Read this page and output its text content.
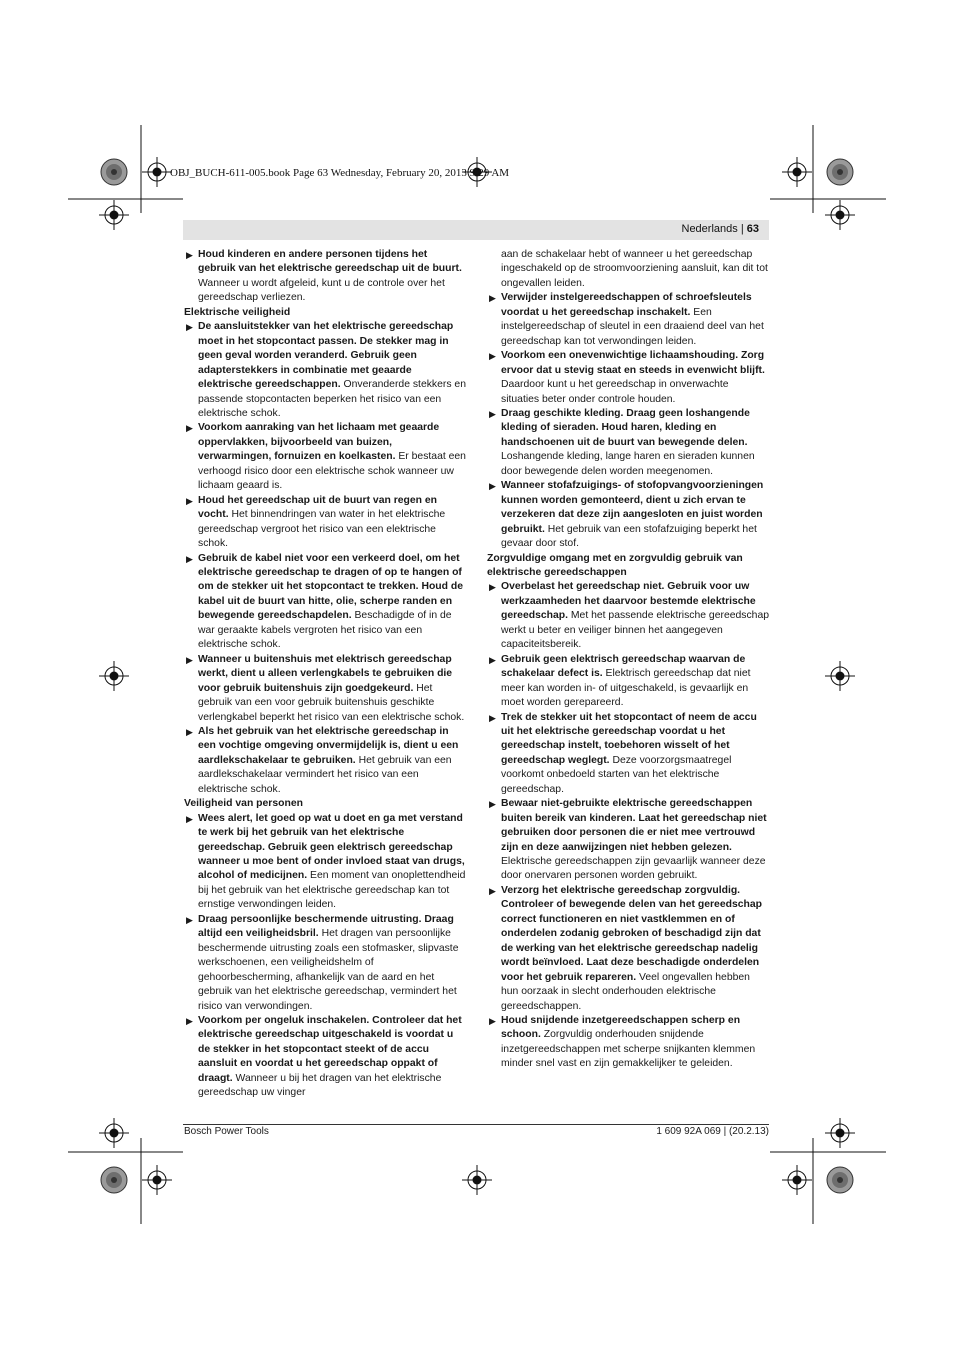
OBJ_BUCH-611-005.book Page 63 Wednesday, February 20, 2013 9:29 AM
Nederlands | 63

▶ Houd kinderen en andere personen tijdens het gebruik van het elektrische gereedschap uit de buurt. Wanneer u wordt afgeleid, kunt u de controle over het gereedschap verliezen.

Elektrische veiligheid

▶ De aansluitstekker van het elektrische gereedschap moet in het stopcontact passen. De stekker mag in geen geval worden veranderd. Gebruik geen adapterstekkers in combinatie met geaarde elektrische gereedschappen. Onveranderde stekkers en passende stopcontacten beperken het risico van een elektrische schok.

▶ Voorkom aanraking van het lichaam met geaarde oppervlakken, bijvoorbeeld van buizen, verwarmingen, fornuizen en koelkasten. Er bestaat een verhoogd risico door een elektrische schok wanneer uw lichaam geaard is.

▶ Houd het gereedschap uit de buurt van regen en vocht. Het binnendringen van water in het elektrische gereedschap vergroot het risico van een elektrische schok.

▶ Gebruik de kabel niet voor een verkeerd doel, om het elektrische gereedschap te dragen of op te hangen of om de stekker uit het stopcontact te trekken. Houd de kabel uit de buurt van hitte, olie, scherpe randen en bewegende gereedschapdelen. Beschadigde of in de war geraakte kabels vergroten het risico van een elektrische schok.

▶ Wanneer u buitenshuis met elektrisch gereedschap werkt, dient u alleen verlengkabels te gebruiken die voor gebruik buitenshuis zijn goedgekeurd. Het gebruik van een voor gebruik buitenshuis geschikte verlengkabel beperkt het risico van een elektrische schok.

▶ Als het gebruik van het elektrische gereedschap in een vochtige omgeving onvermijdelijk is, dient u een aardlekschakelaar te gebruiken. Het gebruik van een aardlekschakelaar vermindert het risico van een elektrische schok.

Veiligheid van personen

▶ Wees alert, let goed op wat u doet en ga met verstand te werk bij het gebruik van het elektrische gereedschap. Gebruik geen elektrisch gereedschap wanneer u moe bent of onder invloed staat van drugs, alcohol of medicijnen. Een moment van onoplettendheid bij het gebruik van het elektrische gereedschap kan tot ernstige verwondingen leiden.

▶ Draag persoonlijke beschermende uitrusting. Draag altijd een veiligheidsbril. Het dragen van persoonlijke beschermende uitrusting zoals een stofmasker, slipvaste werkschoenen, een veiligheidshelm of gehoorbescherming, afhankelijk van de aard en het gebruik van het elektrische gereedschap, vermindert het risico van verwondingen.

▶ Voorkom per ongeluk inschakelen. Controleer dat het elektrische gereedschap uitgeschakeld is voordat u de stekker in het stopcontact steekt of de accu aansluit en voordat u het gereedschap oppakt of draagt. Wanneer u bij het dragen van het elektrische gereedschap uw vinger

aan de schakelaar hebt of wanneer u het gereedschap ingeschakeld op de stroomvoorziening aansluit, kan dit tot ongevallen leiden.

▶ Verwijder instelgereedschappen of schroefsleutels voordat u het gereedschap inschakelt. Een instelgereedschap of sleutel in een draaiend deel van het gereedschap kan tot verwondingen leiden.

▶ Voorkom een onevenwichtige lichaamshouding. Zorg ervoor dat u stevig staat en steeds in evenwicht blijft. Daardoor kunt u het gereedschap in onverwachte situaties beter onder controle houden.

▶ Draag geschikte kleding. Draag geen loshangende kleding of sieraden. Houd haren, kleding en handschoenen uit de buurt van bewegende delen. Loshangende kleding, lange haren en sieraden kunnen door bewegende delen worden meegenomen.

▶ Wanneer stofafzuigings- of stofopvangvoorzieningen kunnen worden gemonteerd, dient u zich ervan te verzekeren dat deze zijn aangesloten en juist worden gebruikt. Het gebruik van een stofafzuiging beperkt het gevaar door stof.

Zorgvuldige omgang met en zorgvuldig gebruik van elektrische gereedschappen

▶ Overbelast het gereedschap niet. Gebruik voor uw werkzaamheden het daarvoor bestemde elektrische gereedschap. Met het passende elektrische gereedschap werkt u beter en veiliger binnen het aangegeven capaciteitsbereik.

▶ Gebruik geen elektrisch gereedschap waarvan de schakelaar defect is. Elektrisch gereedschap dat niet meer kan worden in- of uitgeschakeld, is gevaarlijk en moet worden gerepareerd.

▶ Trek de stekker uit het stopcontact of neem de accu uit het elektrische gereedschap voordat u het gereedschap instelt, toebehoren wisselt of het gereedschap weglegt. Deze voorzorgsmaatregel voorkomt onbedoeld starten van het elektrische gereedschap.

▶ Bewaar niet-gebruikte elektrische gereedschappen buiten bereik van kinderen. Laat het gereedschap niet gebruiken door personen die er niet mee vertrouwd zijn en deze aanwijzingen niet hebben gelezen. Elektrische gereedschappen zijn gevaarlijk wanneer deze door onervaren personen worden gebruikt.

▶ Verzorg het elektrische gereedschap zorgvuldig. Controleer of bewegende delen van het gereedschap correct functioneren en niet vastklemmen en of onderdelen zodanig gebroken of beschadigd zijn dat de werking van het elektrische gereedschap nadelig wordt beïnvloed. Laat deze beschadigde onderdelen voor het gebruik repareren. Veel ongevallen hebben hun oorzaak in slecht onderhouden elektrische gereedschappen.

▶ Houd snijdende inzetgereedschappen scherp en schoon. Zorgvuldig onderhouden snijdende inzetgereedschappen met scherpe snijkanten klemmen minder snel vast en zijn gemakkelijker te geleiden.

Bosch Power Tools	1 609 92A 069 | (20.2.13)
